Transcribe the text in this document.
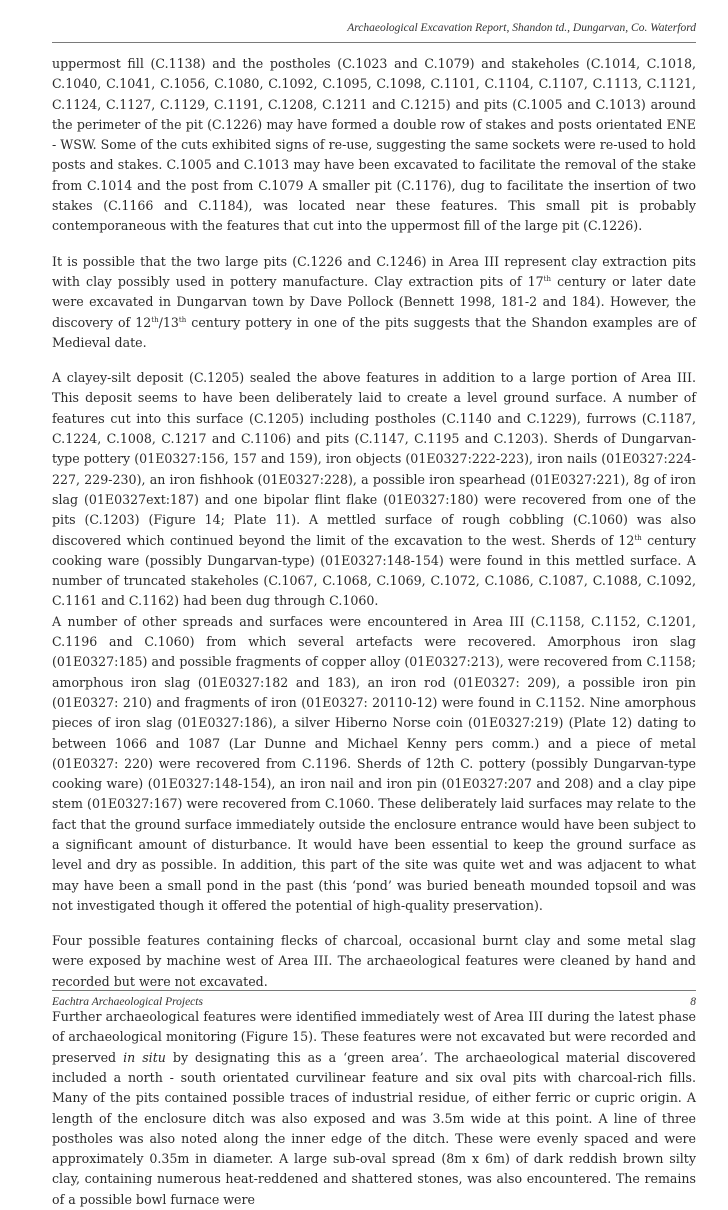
Archaeological Excavation Report, Shandon td., Dungarvan, Co. Waterford

uppermost fill (C.1138) and the postholes (C.1023 and C.1079) and stakeholes (C.1014, C.1018, C.1040, C.1041, C.1056, C.1080, C.1092, C.1095, C.1098, C.1101, C.1104, C.1107, C.1113, C.1121, C.1124, C.1127, C.1129, C.1191, C.1208, C.1211 and C.1215) and pits (C.1005 and C.1013) around the perimeter of the pit (C.1226) may have formed a double row of stakes and posts orientated ENE - WSW. Some of the cuts exhibited signs of re-use, suggesting the same sockets were re-used to hold posts and stakes. C.1005 and C.1013 may have been excavated to facilitate the removal of the stake from C.1014 and the post from C.1079 A smaller pit (C.1176), dug to facilitate the insertion of two stakes (C.1166 and C.1184), was located near these features. This small pit is probably contemporaneous with the features that cut into the uppermost fill of the large pit (C.1226).

It is possible that the two large pits (C.1226 and C.1246) in Area III represent clay extraction pits with clay possibly used in pottery manufacture. Clay extraction pits of 17th century or later date were excavated in Dungarvan town by Dave Pollock (Bennett 1998, 181-2 and 184). However, the discovery of 12th/13th century pottery in one of the pits suggests that the Shandon examples are of Medieval date.

A clayey-silt deposit (C.1205) sealed the above features in addition to a large portion of Area III. This deposit seems to have been deliberately laid to create a level ground surface. A number of features cut into this surface (C.1205) including postholes (C.1140 and C.1229), furrows (C.1187, C.1224, C.1008, C.1217 and C.1106) and pits (C.1147, C.1195 and C.1203). Sherds of Dungarvan-type pottery (01E0327:156, 157 and 159), iron objects (01E0327:222-223), iron nails (01E0327:224-227, 229-230), an iron fishhook (01E0327:228), a possible iron spearhead (01E0327:221), 8g of iron slag (01E0327ext:187) and one bipolar flint flake (01E0327:180) were recovered from one of the pits (C.1203) (Figure 14; Plate 11). A mettled surface of rough cobbling (C.1060) was also discovered which continued beyond the limit of the excavation to the west. Sherds of 12th century cooking ware (possibly Dungarvan-type) (01E0327:148-154) were found in this mettled surface. A number of truncated stakeholes (C.1067, C.1068, C.1069, C.1072, C.1086, C.1087, C.1088, C.1092, C.1161 and C.1162) had been dug through C.1060.

A number of other spreads and surfaces were encountered in Area III (C.1158, C.1152, C.1201, C.1196 and C.1060) from which several artefacts were recovered. Amorphous iron slag (01E0327:185) and possible fragments of copper alloy (01E0327:213), were recovered from C.1158; amorphous iron slag (01E0327:182 and 183), an iron rod (01E0327: 209), a possible iron pin (01E0327: 210) and fragments of iron (01E0327: 20110-12) were found in C.1152. Nine amorphous pieces of iron slag (01E0327:186), a silver Hiberno Norse coin (01E0327:219) (Plate 12) dating to between 1066 and 1087 (Lar Dunne and Michael Kenny pers comm.) and a piece of metal (01E0327: 220) were recovered from C.1196. Sherds of 12th C. pottery (possibly Dungarvan-type cooking ware) (01E0327:148-154), an iron nail and iron pin (01E0327:207 and 208) and a clay pipe stem (01E0327:167) were recovered from C.1060. These deliberately laid surfaces may relate to the fact that the ground surface immediately outside the enclosure entrance would have been subject to a significant amount of disturbance. It would have been essential to keep the ground surface as level and dry as possible. In addition, this part of the site was quite wet and was adjacent to what may have been a small pond in the past (this ‘pond’ was buried beneath mounded topsoil and was not investigated though it offered the potential of high-quality preservation).

Four possible features containing flecks of charcoal, occasional burnt clay and some metal slag were exposed by machine west of Area III. The archaeological features were cleaned by hand and recorded but were not excavated.

Further archaeological features were identified immediately west of Area III during the latest phase of archaeological monitoring (Figure 15). These features were not excavated but were recorded and preserved in situ by designating this as a ‘green area’. The archaeological material discovered included a north - south orientated curvilinear feature and six oval pits with charcoal-rich fills. Many of the pits contained possible traces of industrial residue, of either ferric or cupric origin. A length of the enclosure ditch was also exposed and was 3.5m wide at this point. A line of three postholes was also noted along the inner edge of the ditch. These were evenly spaced and were approximately 0.35m in diameter. A large sub-oval spread (8m x 6m) of dark reddish brown silty clay, containing numerous heat-reddened and shattered stones, was also encountered. The remains of a possible bowl furnace were

Eachtra Archaeological Projects	8
